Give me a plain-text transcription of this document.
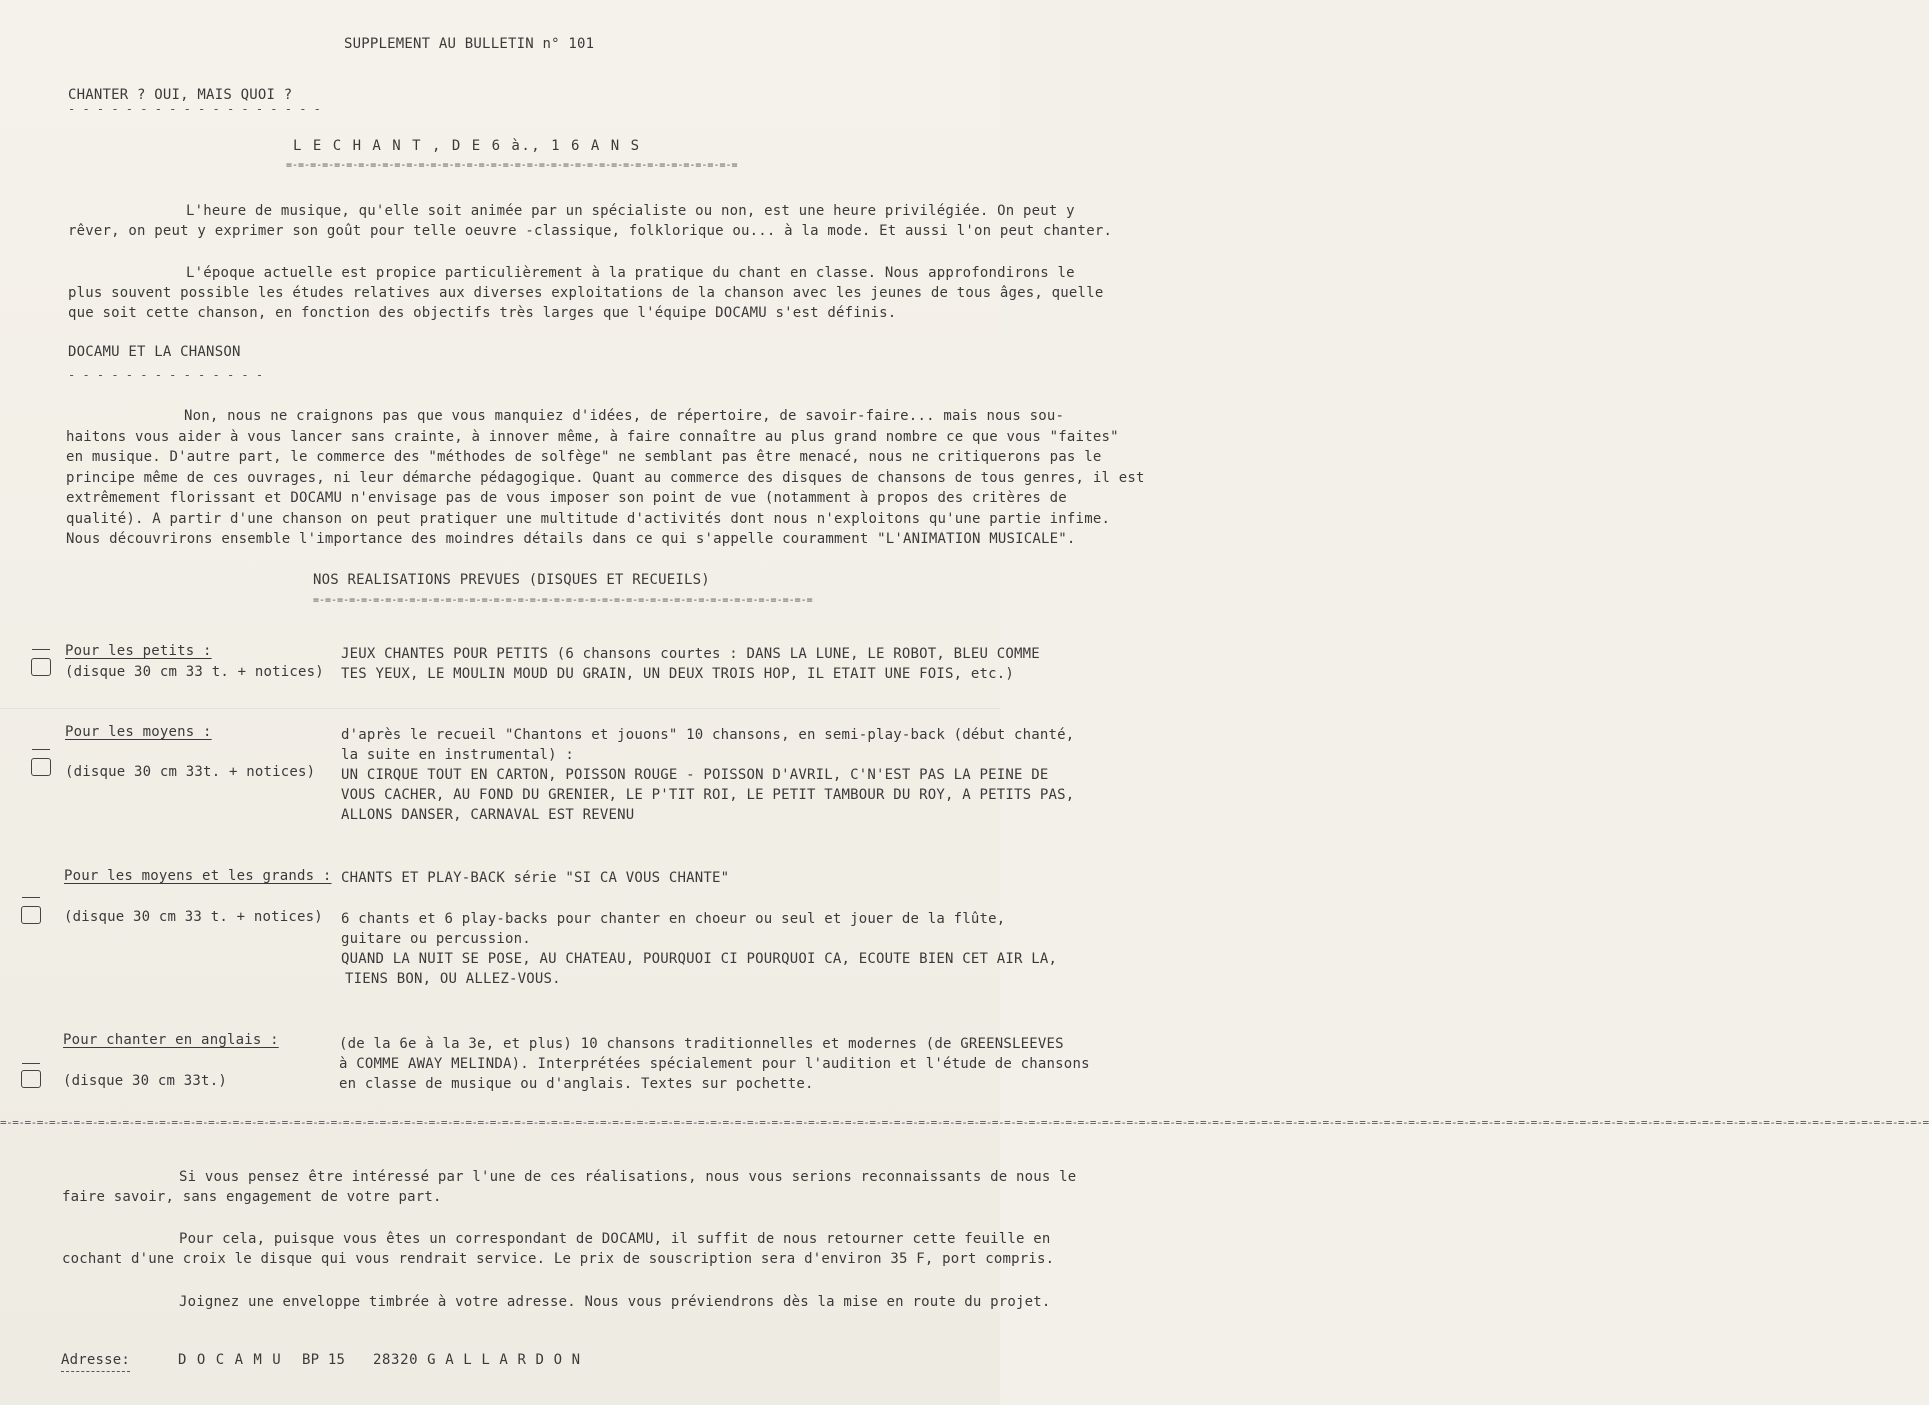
SUPPLEMENT AU BULLETIN n° 101
CHANTER ? OUI, MAIS QUOI ?
- - - - - - - - - - - - - - - - - -
L E C H A N T , D E 6 à., 1 6 A N S
=-=-=-=-=-=-=-=-=-=-=-=-=-=-=-=-=-=-=-=-=-=-=-=-=-=-=-=-=-=-=-=-=-=-=-=-=-=
L'heure de musique, qu'elle soit animée par un spécialiste ou non, est une heure privilégiée. On peut y
rêver, on peut y exprimer son goût pour telle oeuvre -classique, folklorique ou... à la mode. Et aussi l'on peut chanter.
L'époque actuelle est propice particulièrement à la pratique du chant en classe. Nous approfondirons le
plus souvent possible les études relatives aux diverses exploitations de la chanson avec les jeunes de tous âges, quelle
que soit cette chanson, en fonction des objectifs très larges que l'équipe DOCAMU s'est définis.
DOCAMU ET LA CHANSON
- - - - - - - - - - - - - -
Non, nous ne craignons pas que vous manquiez d'idées, de répertoire, de savoir-faire... mais nous sou-
haitons vous aider à vous lancer sans crainte, à innover même, à faire connaître au plus grand nombre ce que vous "faites"
en musique. D'autre part, le commerce des "méthodes de solfège" ne semblant pas être menacé, nous ne critiquerons pas le
principe même de ces ouvrages, ni leur démarche pédagogique. Quant au commerce des disques de chansons de tous genres, il est
extrêmement florissant et DOCAMU n'envisage pas de vous imposer son point de vue (notamment à propos des critères de
qualité). A partir d'une chanson on peut pratiquer une multitude d'activités dont nous n'exploitons qu'une partie infime.
Nous découvrirons ensemble l'importance des moindres détails dans ce qui s'appelle couramment "L'ANIMATION MUSICALE".
NOS REALISATIONS PREVUES (DISQUES ET RECUEILS)
=-=-=-=-=-=-=-=-=-=-=-=-=-=-=-=-=-=-=-=-=-=-=-=-=-=-=-=-=-=-=-=-=-=-=-=-=-=-=-=-=-=
Pour les petits :
(disque 30 cm 33 t. + notices)
JEUX CHANTES POUR PETITS (6 chansons courtes : DANS LA LUNE, LE ROBOT, BLEU COMME
TES YEUX, LE MOULIN MOUD DU GRAIN, UN DEUX TROIS HOP, IL ETAIT UNE FOIS, etc.)
Pour les moyens :
(disque 30 cm 33t. + notices)
d'après le recueil "Chantons et jouons" 10 chansons, en semi-play-back (début chanté,
la suite en instrumental) :
UN CIRQUE TOUT EN CARTON, POISSON ROUGE - POISSON D'AVRIL, C'N'EST PAS LA PEINE DE
VOUS CACHER, AU FOND DU GRENIER, LE P'TIT ROI, LE PETIT TAMBOUR DU ROY, A PETITS PAS,
ALLONS DANSER, CARNAVAL EST REVENU
Pour les moyens et les grands :
(disque 30 cm 33 t. + notices)
CHANTS ET PLAY-BACK série "SI CA VOUS CHANTE"
6 chants et 6 play-backs pour chanter en choeur ou seul et jouer de la flûte,
guitare ou percussion.
QUAND LA NUIT SE POSE, AU CHATEAU, POURQUOI CI POURQUOI CA, ECOUTE BIEN CET AIR LA,
TIENS BON, OU ALLEZ-VOUS.
Pour chanter en anglais :
(disque 30 cm 33t.)
(de la 6e à la 3e, et plus) 10 chansons traditionnelles et modernes (de GREENSLEEVES
à COMME AWAY MELINDA). Interprétées spécialement pour l'audition et l'étude de chansons
en classe de musique ou d'anglais. Textes sur pochette.
=-=-=-=-=-=-=-=-=-=-=-=-=-=-=-=-=-=-=-=-=-=-=-=-=-=-=-=-=-=-=-=-=-=-=-=-=-=-=-=-=-=-=-=-=-=-=-=-=-=-=-=-=-=-=-=-=-=-=-=-=-=-=-=-=-=-=-=-=-=-=-=-=-=-=-=-=-=-=-=-=-=-=-=-=-=-=-=-=-=-=-=-=-=-=-=-=-=-=-=-=-=-=-=-=-=-=-=-=-=-=-=-=-=-=-=-=-=-=-=-=-=-=-=-=-=-=-=-=-=-=-=-=-=-=-=-=-=-=-=-=-=-=-=-=-=-=-=-=-=-=-=-=-=-=-=-=-=
Si vous pensez être intéressé par l'une de ces réalisations, nous vous serions reconnaissants de nous le
faire savoir, sans engagement de votre part.
Pour cela, puisque vous êtes un correspondant de DOCAMU, il suffit de nous retourner cette feuille en
cochant d'une croix le disque qui vous rendrait service. Le prix de souscription sera d'environ 35 F, port compris.
Joignez une enveloppe timbrée à votre adresse. Nous vous préviendrons dès la mise en route du projet.
Adresse:	D O C A M U BP 15 28320 G A L L A R D O N
